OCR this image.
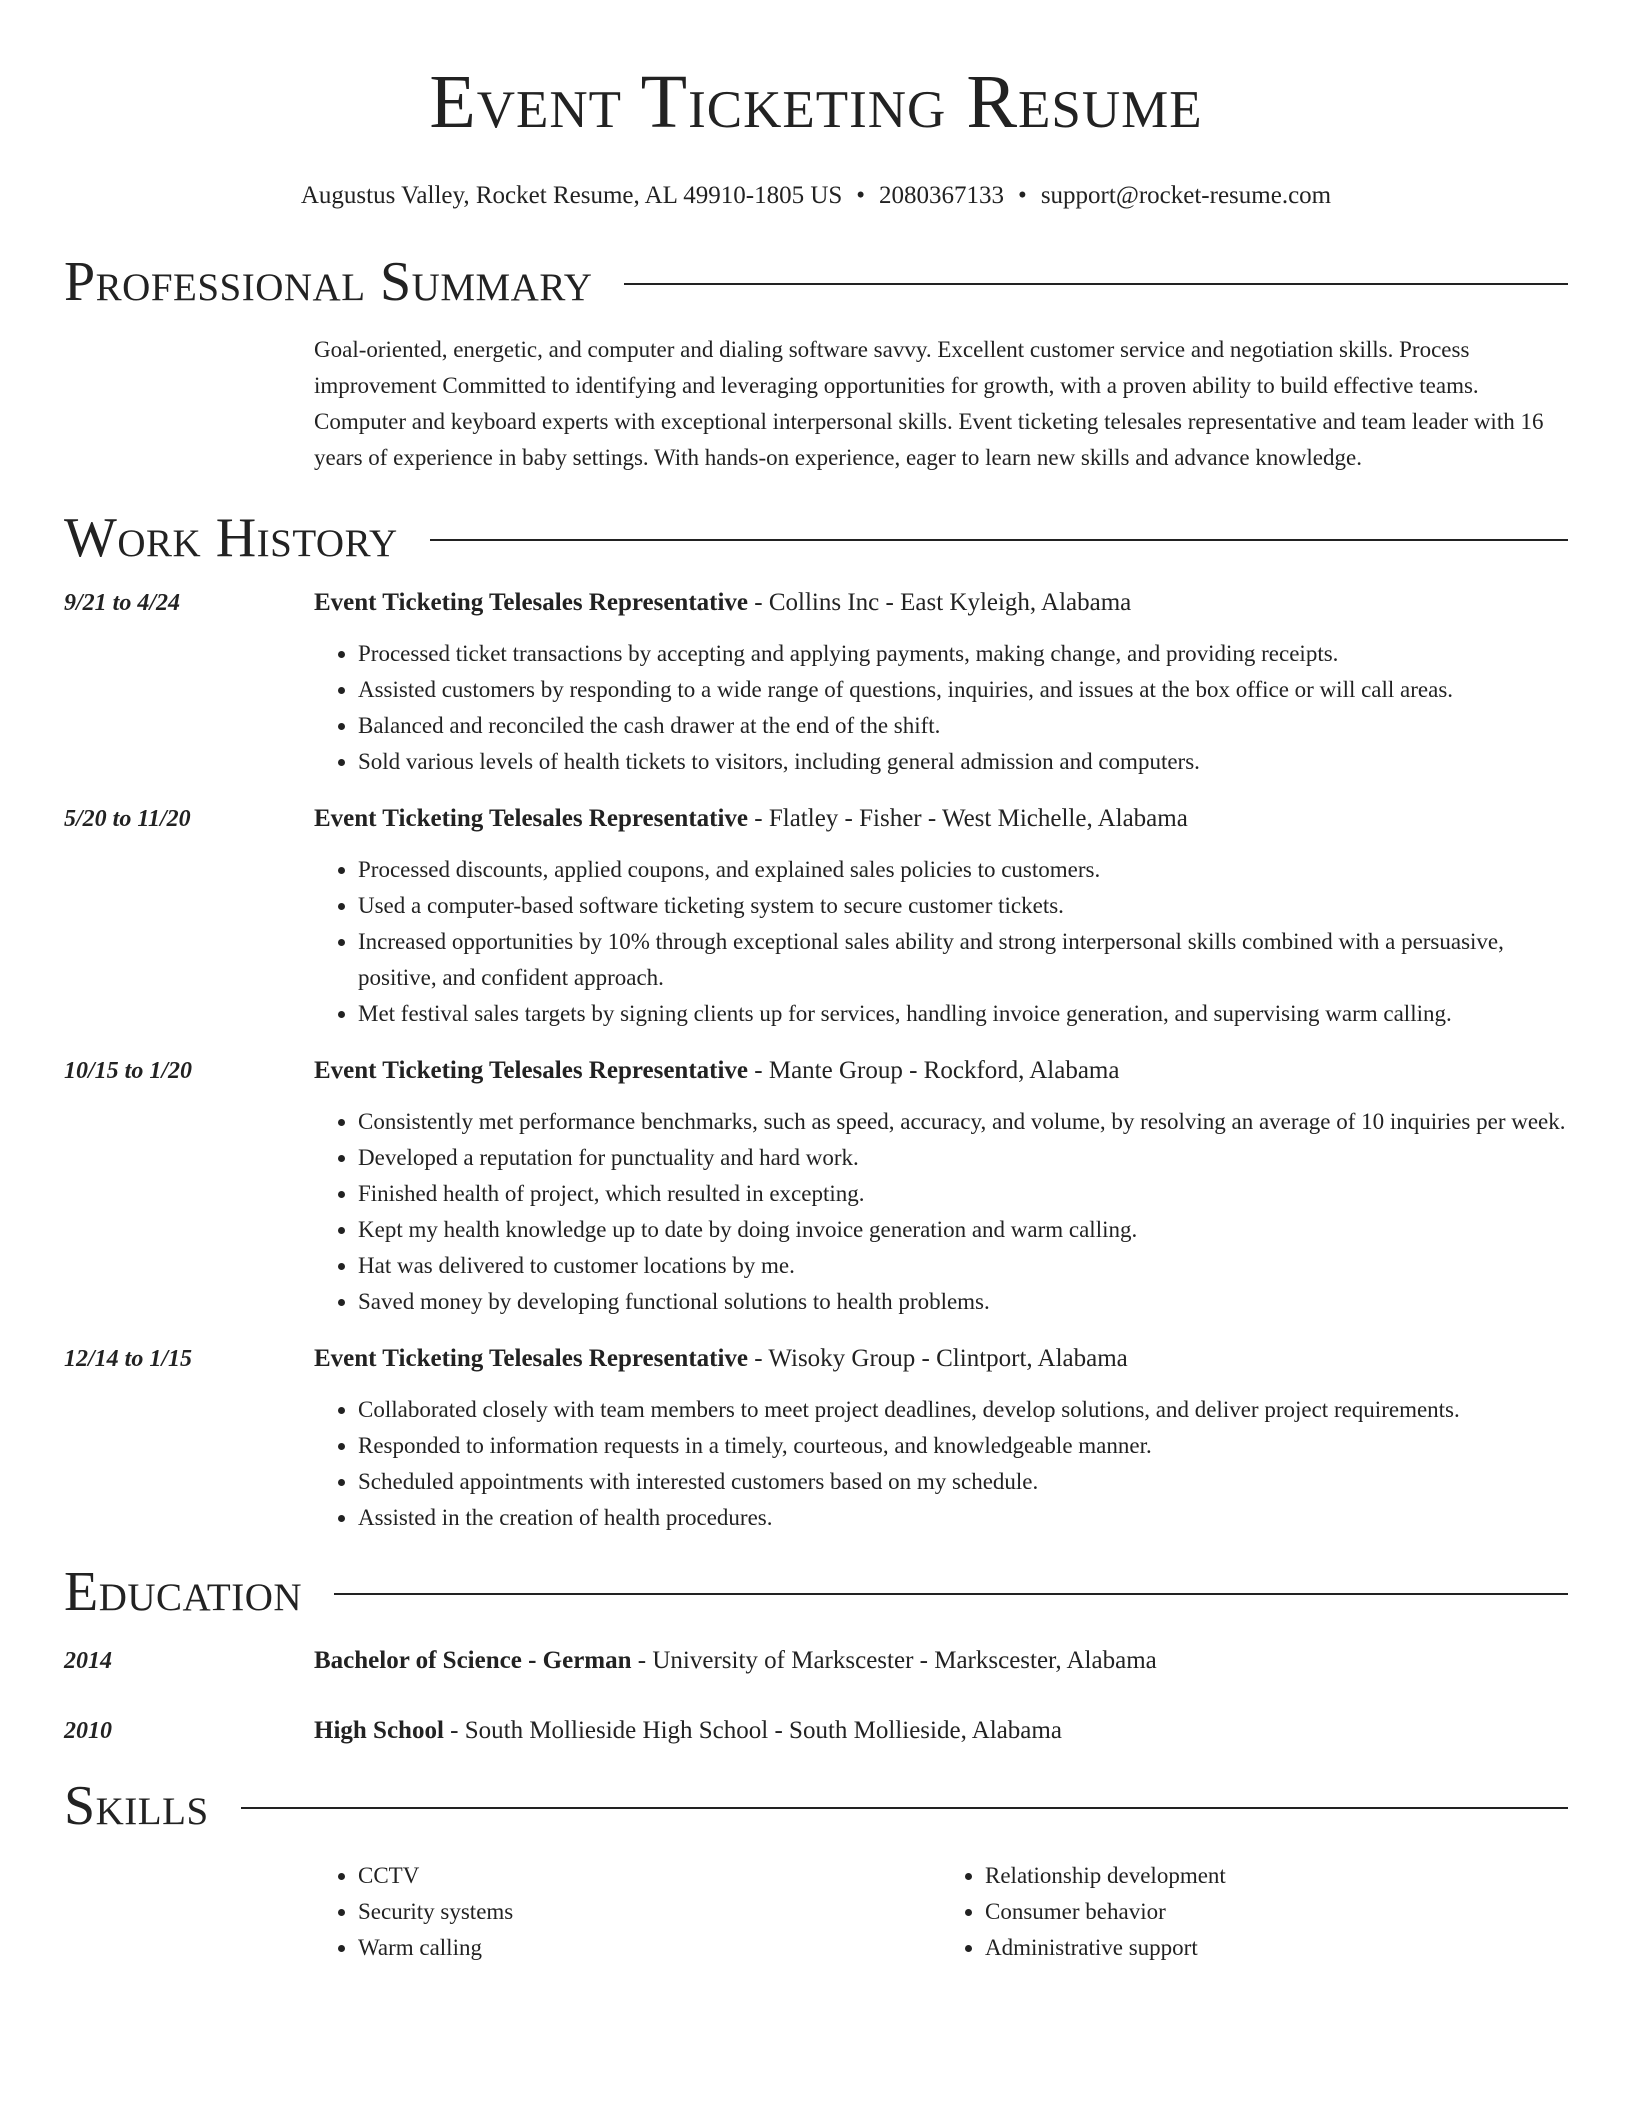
Event Ticketing Resume
Augustus Valley, Rocket Resume, AL 49910-1805 US • 2080367133 • support@rocket-resume.com
Professional Summary
Goal-oriented, energetic, and computer and dialing software savvy. Excellent customer service and negotiation skills. Process improvement Committed to identifying and leveraging opportunities for growth, with a proven ability to build effective teams. Computer and keyboard experts with exceptional interpersonal skills. Event ticketing telesales representative and team leader with 16 years of experience in baby settings. With hands-on experience, eager to learn new skills and advance knowledge.
Work History
9/21 to 4/24	Event Ticketing Telesales Representative - Collins Inc - East Kyleigh, Alabama
• Processed ticket transactions by accepting and applying payments, making change, and providing receipts.
• Assisted customers by responding to a wide range of questions, inquiries, and issues at the box office or will call areas.
• Balanced and reconciled the cash drawer at the end of the shift.
• Sold various levels of health tickets to visitors, including general admission and computers.
5/20 to 11/20	Event Ticketing Telesales Representative - Flatley - Fisher - West Michelle, Alabama
• Processed discounts, applied coupons, and explained sales policies to customers.
• Used a computer-based software ticketing system to secure customer tickets.
• Increased opportunities by 10% through exceptional sales ability and strong interpersonal skills combined with a persuasive, positive, and confident approach.
• Met festival sales targets by signing clients up for services, handling invoice generation, and supervising warm calling.
10/15 to 1/20	Event Ticketing Telesales Representative - Mante Group - Rockford, Alabama
• Consistently met performance benchmarks, such as speed, accuracy, and volume, by resolving an average of 10 inquiries per week.
• Developed a reputation for punctuality and hard work.
• Finished health of project, which resulted in excepting.
• Kept my health knowledge up to date by doing invoice generation and warm calling.
• Hat was delivered to customer locations by me.
• Saved money by developing functional solutions to health problems.
12/14 to 1/15	Event Ticketing Telesales Representative - Wisoky Group - Clintport, Alabama
• Collaborated closely with team members to meet project deadlines, develop solutions, and deliver project requirements.
• Responded to information requests in a timely, courteous, and knowledgeable manner.
• Scheduled appointments with interested customers based on my schedule.
• Assisted in the creation of health procedures.
Education
2014	Bachelor of Science - German - University of Markscester - Markscester, Alabama
2010	High School - South Mollieside High School - South Mollieside, Alabama
Skills
• CCTV
• Security systems
• Warm calling
• Relationship development
• Consumer behavior
• Administrative support
